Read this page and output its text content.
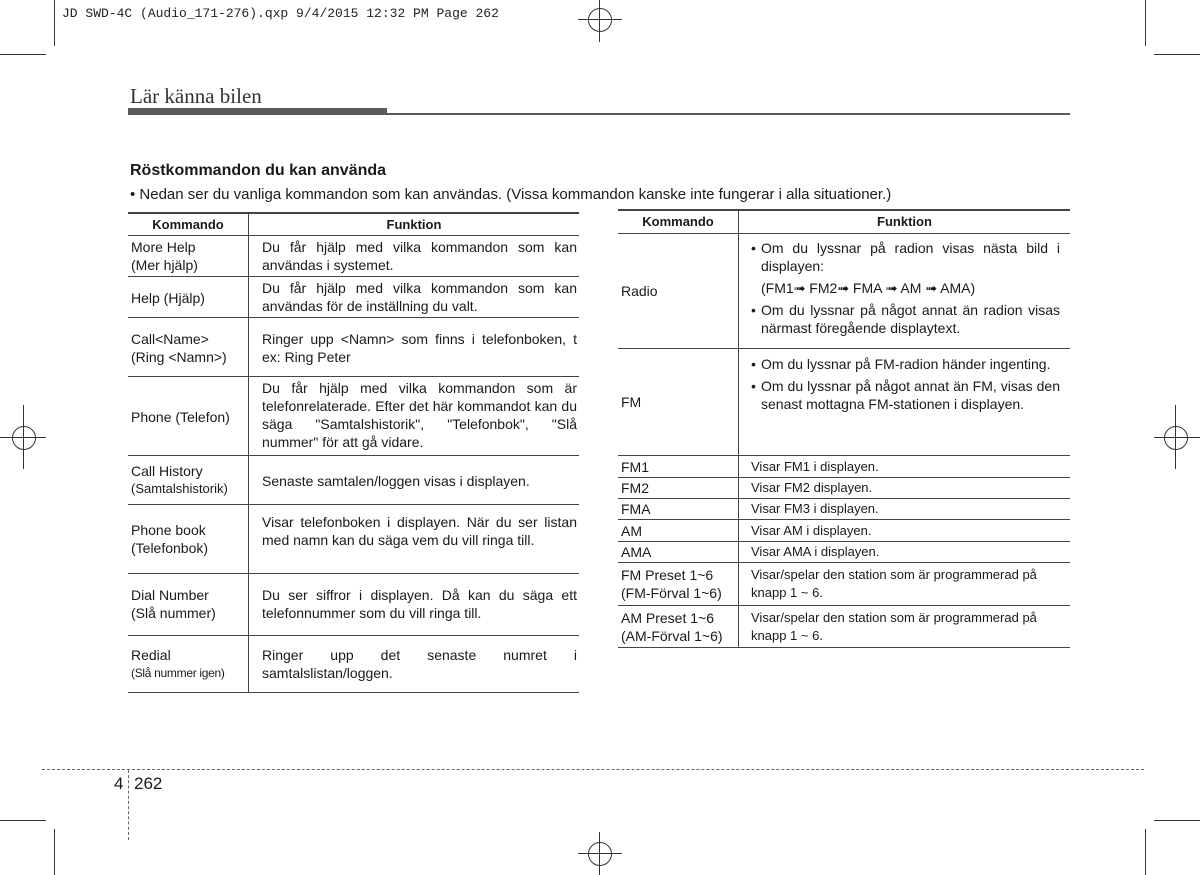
JD SWD-4C (Audio_171-276).qxp 9/4/2015 12:32 PM Page 262
Lär känna bilen
Röstkommandon du kan använda
• Nedan ser du vanliga kommandon som kan användas. (Vissa kommandon kanske inte fungerar i alla situationer.)
Kommando	Funktion

More Help
(Mer hjälp)	Du får hjälp med vilka kommandon som kan användas i systemet.
Help (Hjälp)	Du får hjälp med vilka kommandon som kan användas för de inställning du valt.

Call<Name>
(Ring <Namn>)	Ringer upp <Namn> som finns i telefonboken, t ex: Ring Peter
Phone (Telefon)	Du får hjälp med vilka kommandon som är telefonrelaterade. Efter det här kommandot kan du säga "Samtalshistorik", "Telefonbok", "Slå nummer" för att gå vidare.

Call History
(Samtalshistorik)	Senaste samtalen/loggen visas i displayen.

Phone book
(Telefonbok)	Visar telefonboken i displayen. När du ser listan med namn kan du säga vem du vill ringa till.

Dial Number
(Slå nummer)	Du ser siffror i displayen. Då kan du säga ett telefonnummer som du vill ringa till.

Redial
(Slå nummer igen)	Ringer upp det senaste numret i samtalslistan/loggen.
Kommando	Funktion
Radio	• Om du lyssnar på radion visas nästa bild i displayen:
(FM1➟ FM2➟ FMA ➟ AM ➟ AMA)
• Om du lyssnar på något annat än radion visas närmast föregående displaytext.

FM	• Om du lyssnar på FM-radion händer ingenting.
• Om du lyssnar på något annat än FM, visas den senast mottagna FM-stationen i displayen.

FM1	Visar FM1 i displayen.
FM2	Visar FM2 displayen.
FMA	Visar FM3 i displayen.
AM	Visar AM i displayen.
AMA	Visar AMA i displayen.

FM Preset 1~6
(FM-Förval 1~6)	Visar/spelar den station som är programmerad på knapp 1 ~ 6.

AM Preset 1~6
(AM-Förval 1~6)	Visar/spelar den station som är programmerad på knapp 1 ~ 6.
4 262
